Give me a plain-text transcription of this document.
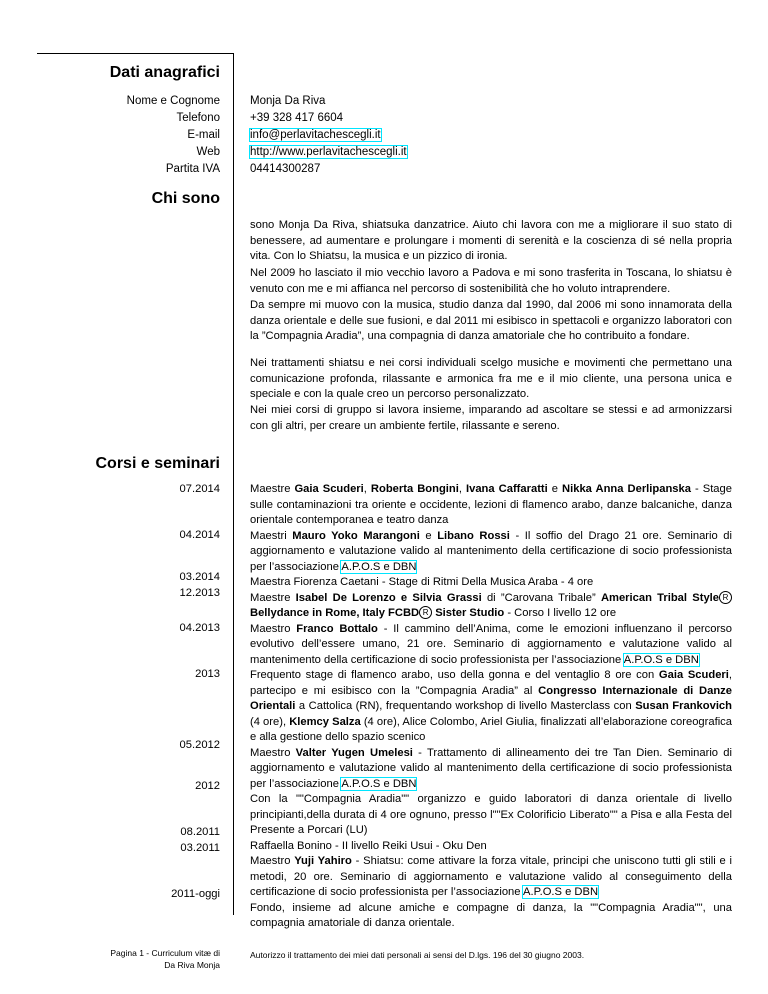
Dati anagrafici
Nome e Cognome
Telefono
E-mail
Web
Partita IVA
Monja Da Riva
+39 328 417 6604
info@perlavitachescegli.it
http://www.perlavitachescegli.it
04414300287
Chi sono

sono Monja Da Riva, shiatsuka danzatrice. Aiuto chi lavora con me a migliorare il suo stato di benessere, ad aumentare e prolungare i momenti di serenità e la coscienza di sé nella propria vita. Con lo Shiatsu, la musica e un pizzico di ironia.

Nel 2009 ho lasciato il mio vecchio lavoro a Padova e mi sono trasferita in Toscana, lo shiatsu è venuto con me e mi affianca nel percorso di sostenibilità che ho voluto intraprendere.

Da sempre mi muovo con la musica, studio danza dal 1990, dal 2006 mi sono innamorata della danza orientale e delle sue fusioni, e dal 2011 mi esibisco in spettacoli e organizzo laboratori con la ”Compagnia Aradia”, una compagnia di danza amatoriale che ho contribuito a fondare.

Nei trattamenti shiatsu e nei corsi individuali scelgo musiche e movimenti che permettano una comunicazione profonda, rilassante e armonica fra me e il mio cliente, una persona unica e speciale e con la quale creo un percorso personalizzato.

Nei miei corsi di gruppo si lavora insieme, imparando ad ascoltare se stessi e ad armonizzarsi con gli altri, per creare un ambiente fertile, rilassante e sereno.

Corsi e seminari
07.2014
04.2014
03.2014
12.2013
04.2013
2013
05.2012
2012
08.2011
03.2011
2011-oggi

Maestre Gaia Scuderi, Roberta Bongini, Ivana Caffaratti e Nikka Anna Derlipanska - Stage sulle contaminazioni tra oriente e occidente, lezioni di flamenco arabo, danze balcaniche, danza orientale contemporanea e teatro danza

Maestri Mauro Yoko Marangoni e Libano Rossi - Il soffio del Drago 21 ore. Seminario di aggiornamento e valutazione valido al mantenimento della certificazione di socio professionista per l’associazione A.P.O.S e DBN

Maestra Fiorenza Caetani - Stage di Ritmi Della Musica Araba - 4 ore

Maestre Isabel De Lorenzo e Silvia Grassi di ”Carovana Tribale” American Tribal Style R Bellydance in Rome, Italy FCBD R Sister Studio - Corso I livello 12 ore

Maestro Franco Bottalo - Il cammino dell’Anima, come le emozioni influenzano il percorso evolutivo dell’essere umano, 21 ore. Seminario di aggiornamento e valutazione valido al mantenimento della certificazione di socio professionista per l’associazione A.P.O.S e DBN

Frequento stage di flamenco arabo, uso della gonna e del ventaglio 8 ore con Gaia Scuderi, partecipo e mi esibisco con la ”Compagnia Aradia” al Congresso Internazionale di Danze Orientali a Cattolica (RN), frequentando workshop di livello Masterclass con Susan Frankovich (4 ore), Klemcy Salza (4 ore), Alice Colombo, Ariel Giulia, finalizzati all’elaborazione coreografica e alla gestione dello spazio scenico

Maestro Valter Yugen Umelesi - Trattamento di allineamento dei tre Tan Dien. Seminario di aggiornamento e valutazione valido al mantenimento della certificazione di socio professionista per l’associazione A.P.O.S e DBN

Con la ""Compagnia Aradia"" organizzo e guido laboratori di danza orientale di livello principianti,della durata di 4 ore ognuno, presso l""Ex Colorificio Liberato"" a Pisa e alla Festa del Presente a Porcari (LU)

Raffaella Bonino - II livello Reiki Usui - Oku Den

Maestro Yuji Yahiro - Shiatsu: come attivare la forza vitale, principi che uniscono tutti gli stili e i metodi, 20 ore. Seminario di aggiornamento e valutazione valido al conseguimento della certificazione di socio professionista per l’associazione A.P.O.S e DBN

Fondo, insieme ad alcune amiche e compagne di danza, la ""Compagnia Aradia"", una compagnia amatoriale di danza orientale.

Pagina 1 - Curriculum vitæ di
Da Riva Monja
Autorizzo il trattamento dei miei dati personali ai sensi del D.lgs. 196 del 30 giugno 2003.
